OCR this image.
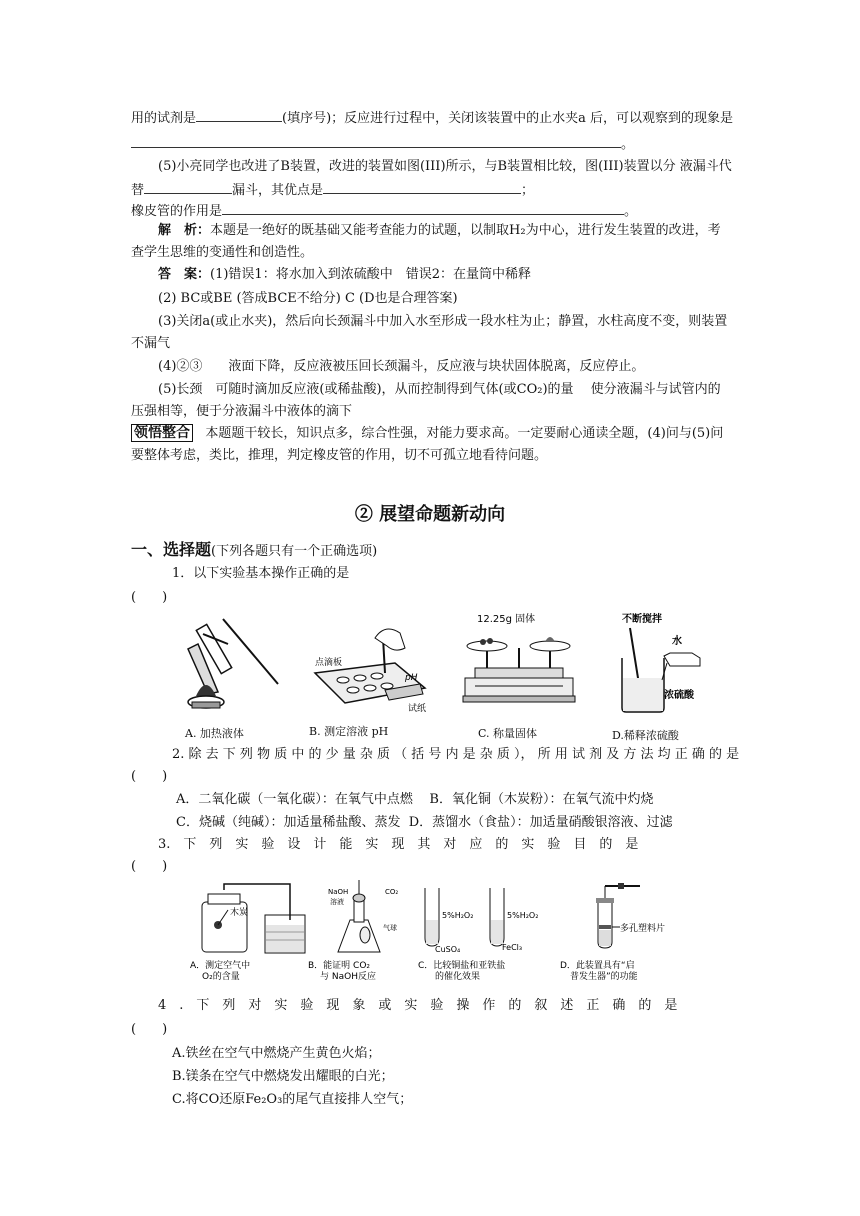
用的试剂是	(填序号)；反应进行过程中，关闭该装置中的止水夹a 后，可以观察到的现象是
。
(5)小亮同学也改进了B装置，改进的装置如图(III)所示，与B装置相比较，图(III)装置以分 液漏斗代
替	漏斗，其优点是	；
橡皮管的作用是	。
解　析：本题是一绝好的既基础又能考查能力的试题，以制取H₂为中心，进行发生装置的改进，考
查学生思维的变通性和创造性。
答　案：(1)错误1：将水加入到浓硫酸中　错误2：在量筒中稀释
(2) BC或BE (答成BCE不给分) C (D也是合理答案)
(3)关闭a(或止水夹)，然后向长颈漏斗中加入水至形成一段水柱为止；静置，水柱高度不变，则装置
不漏气
(4)②③　　液面下降，反应液被压回长颈漏斗，反应液与块状固体脱离，反应停止。
(5)长颈　可随时滴加反应液(或稀盐酸)，从而控制得到气体(或CO₂)的量　 使分液漏斗与试管内的
压强相等，便于分液漏斗中液体的滴下
领悟整合 本题题干较长，知识点多，综合性强，对能力要求高。一定要耐心通读全题，(4)问与(5)问
要整体考虑，类比，推理，判定橡皮管的作用，切不可孤立地看待问题。
② 展望命题新动向
一、选择题(下列各题只有一个正确选项)
1．以下实验基本操作正确的是
(　　)
A. 加热液体
点滴板
pH
试纸
B. 测定溶液 pH
12.25g 固体
C. 称量固体
不断搅拌
水
浓硫酸
D.稀释浓硫酸
2. 除 去 下 列 物 质 中 的 少 量 杂 质 （ 括 号 内 是 杂 质 ）， 所 用 试 剂 及 方 法 均 正 确 的 是
(　　)
A．二氧化碳（一氧化碳）：在氧气中点燃 B．氧化铜（木炭粉）：在氧气流中灼烧
C．烧碱（纯碱）：加适量稀盐酸、蒸发 D．蒸馏水（食盐）：加适量硝酸银溶液、过滤
3.　下　列　实　验　设　计　能　实　现　其　对　应　的　实　验　目　的　是
(　　)
木炭
A．测定空气中
O₂的含量
NaOH
溶液
CO₂
气球
B．能证明 CO₂
与 NaOH反应
5%H₂O₂	5%H₂O₂
CuSO₄	FeCl₃
C．比较铜盐和亚铁盐
的催化效果
多孔塑料片
D．此装置具有“启
普发生器”的功能
4　.　下　列　对　实　验　现　象　或　实　验　操　作　的　叙　述　正　确　的　是
(　　)
A.铁丝在空气中燃烧产生黄色火焰；
B.镁条在空气中燃烧发出耀眼的白光；
C.将CO还原Fe₂O₃的尾气直接排人空气；
